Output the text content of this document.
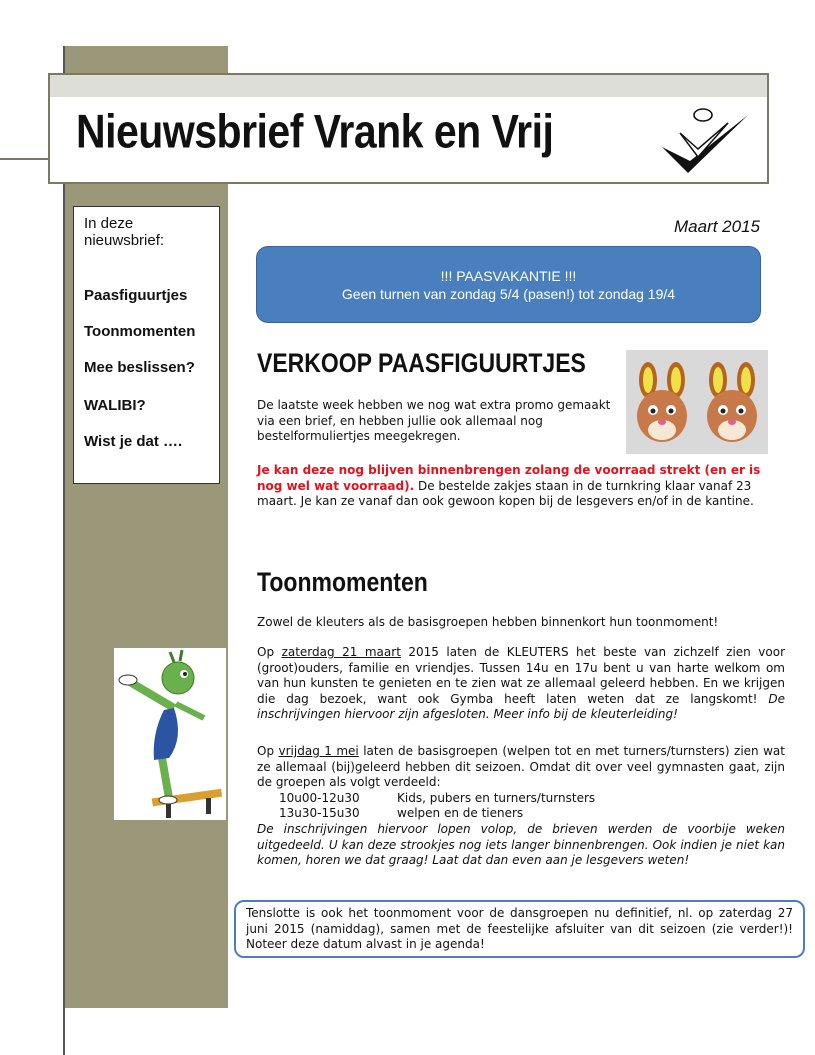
Nieuwsbrief Vrank en Vrij
In deze nieuwsbrief:
Paasfiguurtjes
Toonmomenten
Mee beslissen?
WALIBI?
Wist je dat ….
Maart 2015
!!! PAASVAKANTIE !!!
Geen turnen van zondag 5/4 (pasen!) tot zondag 19/4
VERKOOP PAASFIGUURTJES
De laatste week hebben we nog wat extra promo gemaakt via een brief, en hebben jullie ook allemaal nog bestelformuliertjes meegekregen.
Je kan deze nog blijven binnenbrengen zolang de voorraad strekt (en er is nog wel wat voorraad). De bestelde zakjes staan in de turnkring klaar vanaf 23 maart. Je kan ze vanaf dan ook gewoon kopen bij de lesgevers en/of in de kantine.
Toonmomenten
Zowel de kleuters als de basisgroepen hebben binnenkort hun toonmoment!
Op zaterdag 21 maart 2015 laten de KLEUTERS het beste van zichzelf zien voor (groot)ouders, familie en vriendjes. Tussen 14u en 17u bent u van harte welkom om van hun kunsten te genieten en te zien wat ze allemaal geleerd hebben. En we krijgen die dag bezoek, want ook Gymba heeft laten weten dat ze langskomt! De inschrijvingen hiervoor zijn afgesloten. Meer info bij de kleuterleiding!
Op vrijdag 1 mei laten de basisgroepen (welpen tot en met turners/turnsters) zien wat ze allemaal (bij)geleerd hebben dit seizoen. Omdat dit over veel gymnasten gaat, zijn de groepen als volgt verdeeld:
10u00-12u30	Kids, pubers en turners/turnsters
13u30-15u30	welpen en de tieners
De inschrijvingen hiervoor lopen volop, de brieven werden de voorbije weken uitgedeeld. U kan deze strookjes nog iets langer binnenbrengen. Ook indien je niet kan komen, horen we dat graag! Laat dat dan even aan je lesgevers weten!
Tenslotte is ook het toonmoment voor de dansgroepen nu definitief, nl. op zaterdag 27 juni 2015 (namiddag), samen met de feestelijke afsluiter van dit seizoen (zie verder!)! Noteer deze datum alvast in je agenda!
